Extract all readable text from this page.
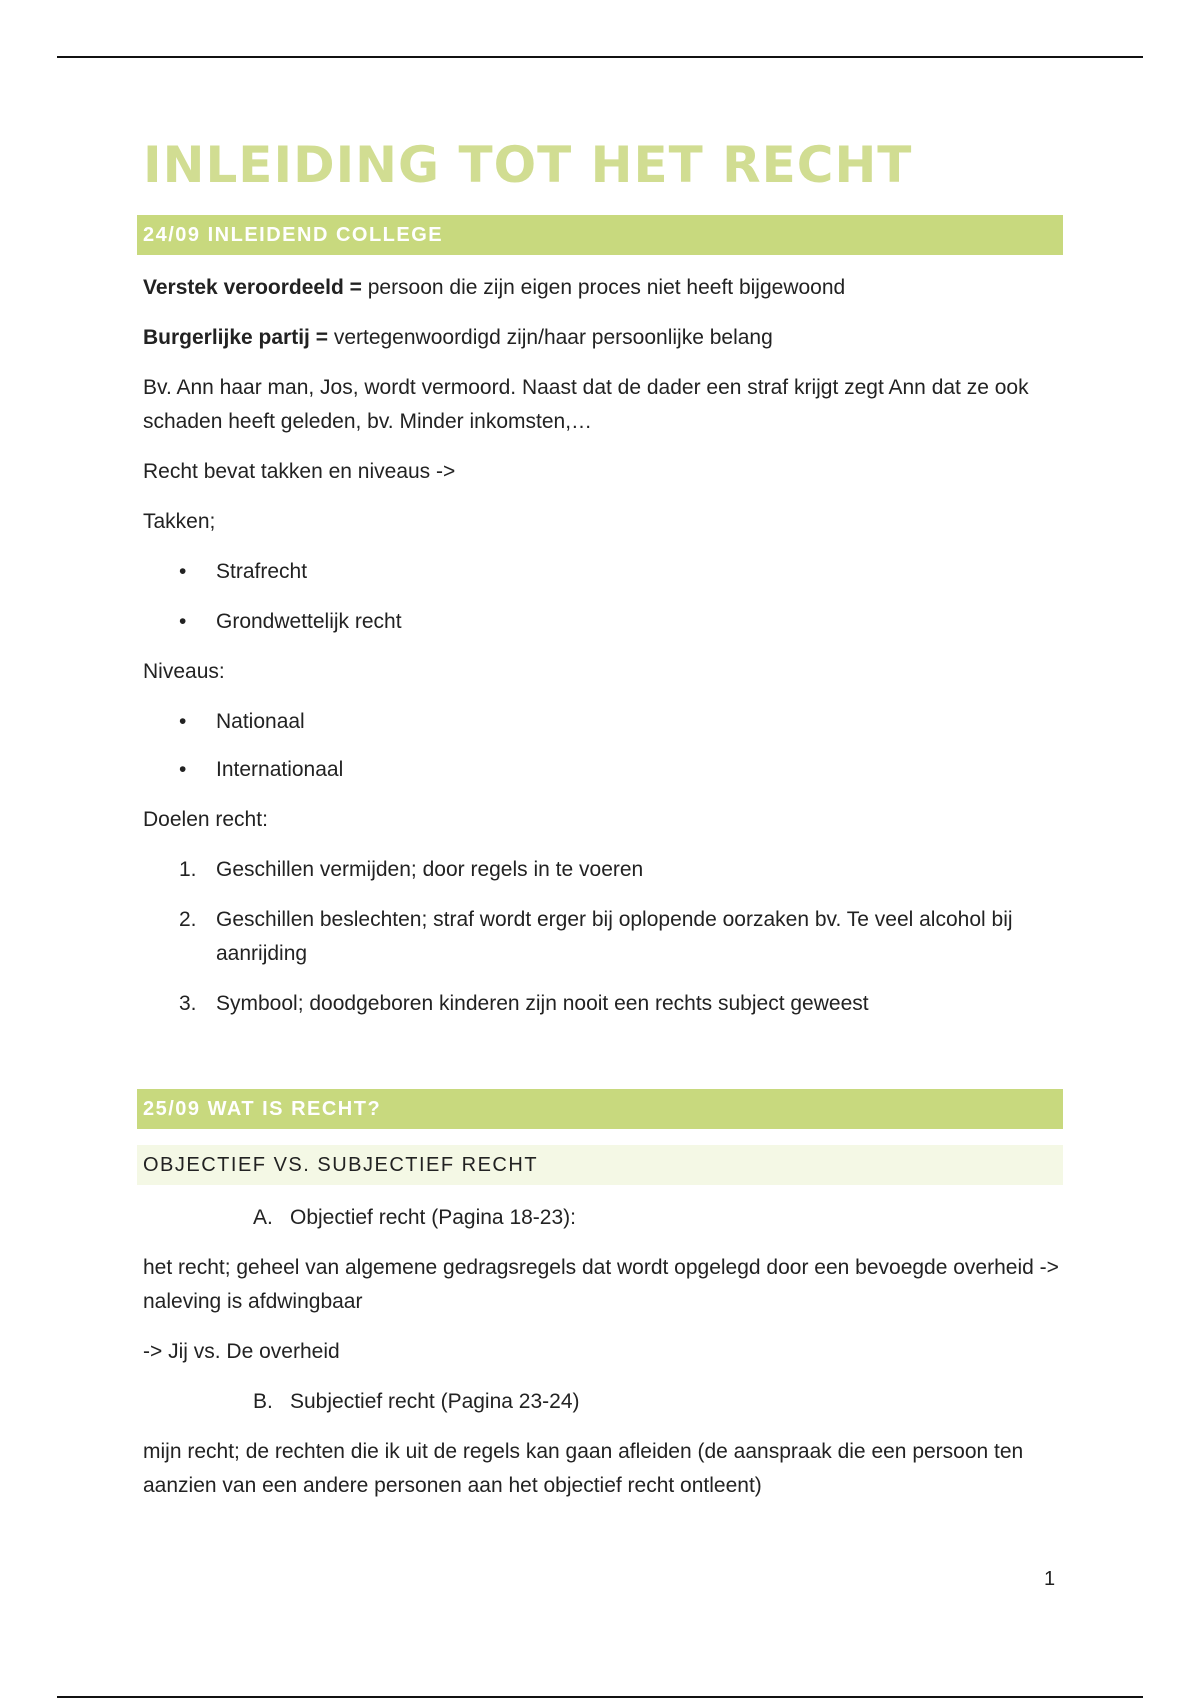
INLEIDING TOT HET RECHT
24/09 INLEIDEND COLLEGE

Verstek veroordeeld = persoon die zijn eigen proces niet heeft bijgewoond

Burgerlijke partij = vertegenwoordigd zijn/haar persoonlijke belang

Bv. Ann haar man, Jos, wordt vermoord. Naast dat de dader een straf krijgt zegt Ann dat ze ook schaden heeft geleden, bv. Minder inkomsten,…

Recht bevat takken en niveaus ->

Takken;

• Strafrecht
• Grondwettelijk recht

Niveaus:

• Nationaal
• Internationaal

Doelen recht:

1. Geschillen vermijden; door regels in te voeren
2. Geschillen beslechten; straf wordt erger bij oplopende oorzaken bv. Te veel alcohol bij aanrijding
3. Symbool; doodgeboren kinderen zijn nooit een rechts subject geweest
25/09 WAT IS RECHT?
OBJECTIEF VS. SUBJECTIEF RECHT
A. Objectief recht (Pagina 18-23):

het recht; geheel van algemene gedragsregels dat wordt opgelegd door een bevoegde overheid -> naleving is afdwingbaar

-> Jij vs. De overheid

B. Subjectief recht (Pagina 23-24)

mijn recht; de rechten die ik uit de regels kan gaan afleiden (de aanspraak die een persoon ten aanzien van een andere personen aan het objectief recht ontleent)

1
